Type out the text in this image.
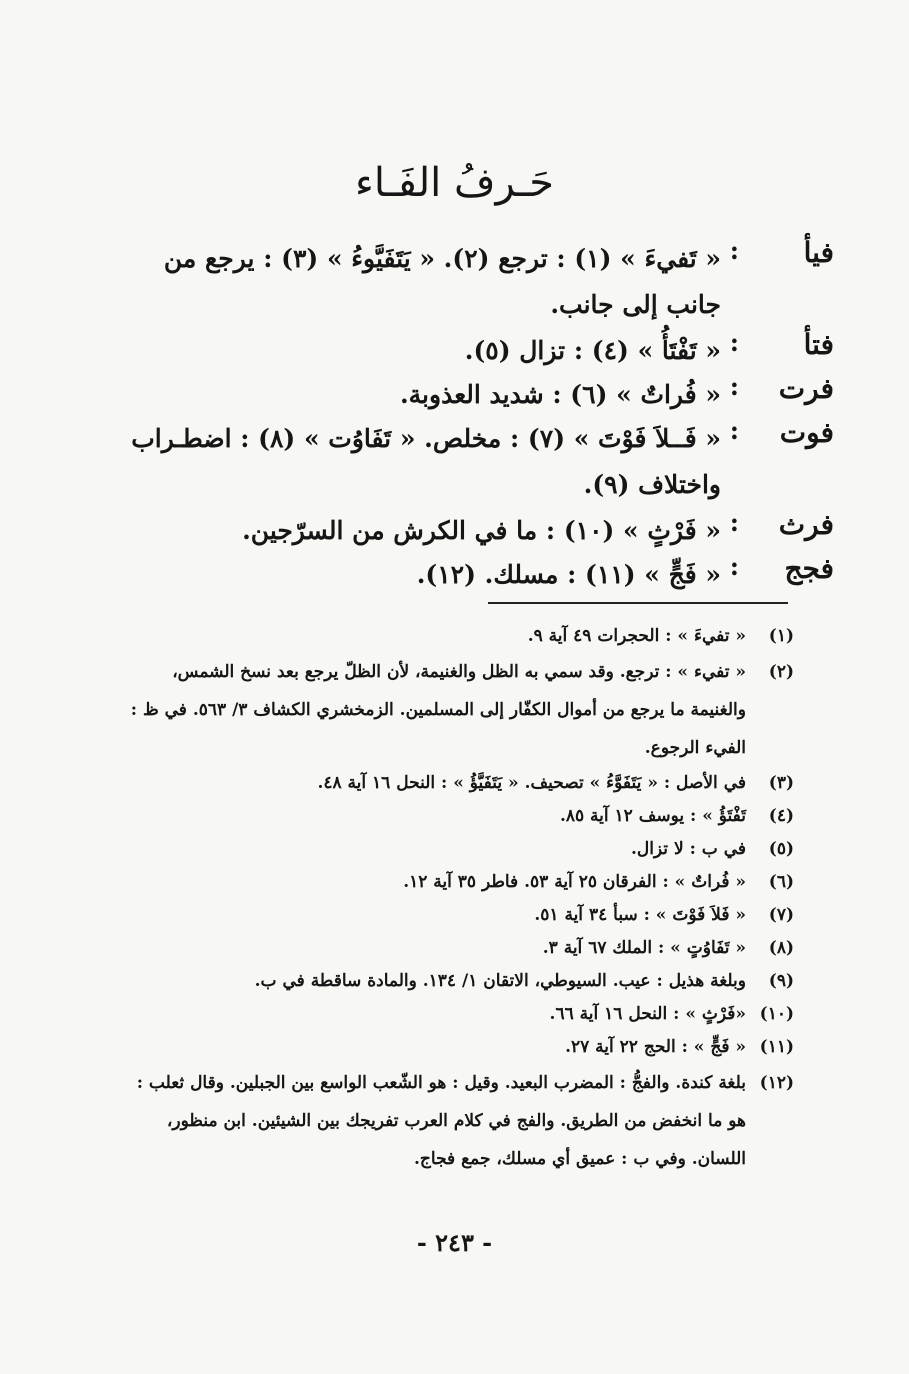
حَـرفُ الفَـاء
فيأ
:
« تَفيءَ » (١) : ترجع (٢). « يَتَفَيَّوءُ » (٣) : يرجع من جانب إلى جانب.
فتأ
:
« تَفْتَأُ » (٤) : تزال (٥).
فرت
:
« فُراتٌ » (٦) : شديد العذوبة.
فوت
:
« فَــلاَ فَوْتَ » (٧) : مخلص. « تَفَاوُت » (٨) : اضطـراب واختلاف (٩).
فرث
:
« فَرْثٍ » (١٠) : ما في الكرش من السرّجين.
فجج
:
« فَجٍّ » (١١) : مسلك. (١٢).
(١)
« تفيءَ » : الحجرات ٤٩ آية ٩.
(٢)
« تفيء » : ترجع. وقد سمي به الظل والغنيمة، لأن الظلّ يرجع بعد نسخ الشمس، والغنيمة ما يرجع من أموال الكفّار إلى المسلمين. الزمخشري الكشاف ٣/ ٥٦٣. في ظ : الفيء الرجوع.
(٣)
في الأصل : « يَتَفَوَّءُ » تصحيف. « يَتَفَيَّؤُ » : النحل ١٦ آية ٤٨.
(٤)
تَفْتَؤُ » : يوسف ١٢ آية ٨٥.
(٥)
في ب : لا تزال.
(٦)
« فُراتٌ » : الفرقان ٢٥ آية ٥٣. فاطر ٣٥ آية ١٢.
(٧)
« فَلاَ فَوْتَ » : سبأ ٣٤ آية ٥١.
(٨)
« تَفَاوُتٍ » : الملك ٦٧ آية ٣.
(٩)
وبلغة هذيل : عيب. السيوطي، الاتقان ١/ ١٣٤. والمادة ساقطة في ب.
(١٠)
«فَرْثٍ » : النحل ١٦ آية ٦٦.
(١١)
« فَجٍّ » : الحج ٢٢ آية ٢٧.
(١٢)
بلغة كندة. والفجُّ : المضرب البعيد. وقيل : هو الشّعب الواسع بين الجبلين. وقال ثعلب : هو ما انخفض من الطريق. والفج في كلام العرب تفريجك بين الشيئين. ابن منظور، اللسان. وفي ب : عميق أي مسلك، جمع فجاج.
- ٢٤٣ -
